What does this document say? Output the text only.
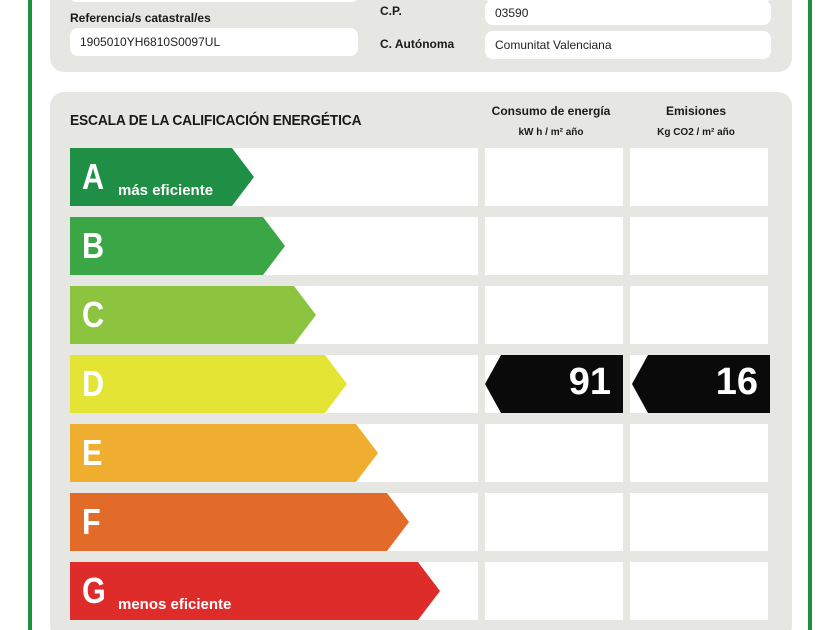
Referencia/s catastral/es
1905010YH6810S0097UL
C.P.	03590
C. Autónoma	Comunitat Valenciana
ESCALA DE LA CALIFICACIÓN ENERGÉTICA
Consumo de energía
kW h / m² año
Emisiones
Kg CO2 / m² año
A más eficiente
B
C
D	91	16
E
F
G menos eficiente
